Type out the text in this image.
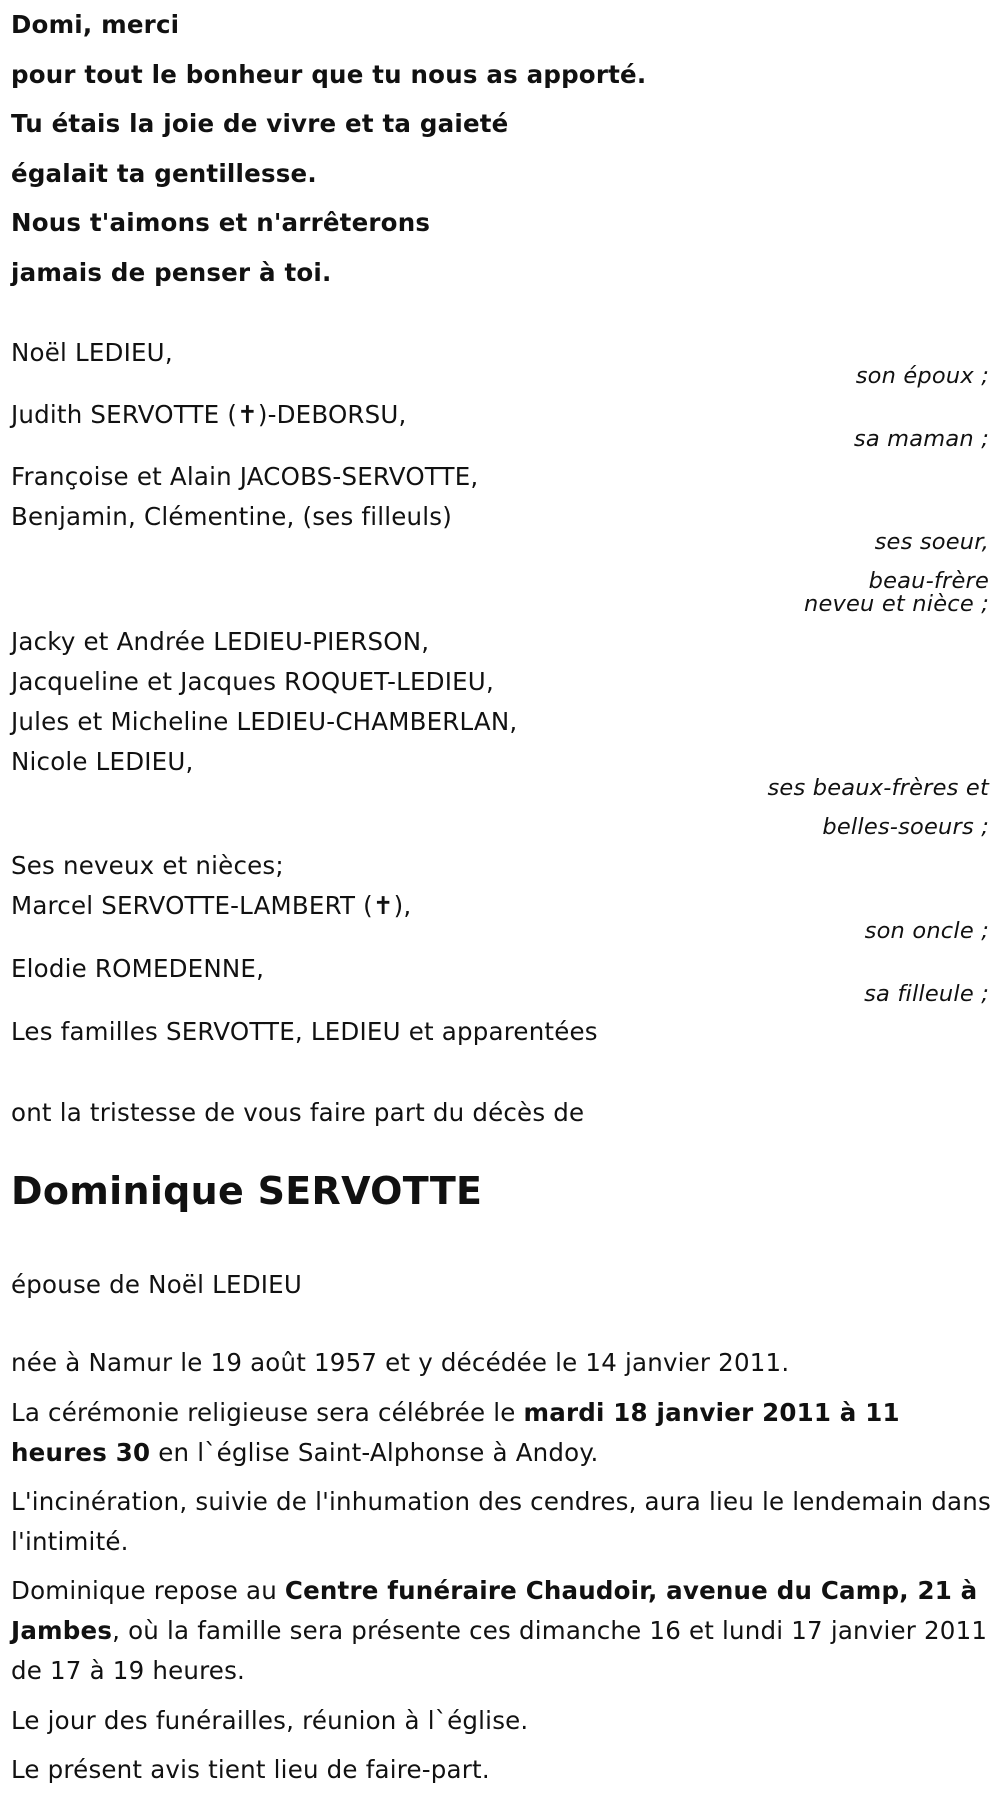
Domi, merci

pour tout le bonheur que tu nous as apporté.

Tu étais la joie de vivre et ta gaieté

égalait ta gentillesse.

Nous t'aimons et n'arrêterons

jamais de penser à toi.

Noël LEDIEU,

son époux ;

Judith SERVOTTE (✝)-DEBORSU,

sa maman ;

Françoise et Alain JACOBS-SERVOTTE,

Benjamin, Clémentine, (ses filleuls)

ses soeur,

beau-frère

neveu et nièce ;

Jacky et Andrée LEDIEU-PIERSON,

Jacqueline et Jacques ROQUET-LEDIEU,

Jules et Micheline LEDIEU-CHAMBERLAN,

Nicole LEDIEU,

ses beaux-frères et

belles-soeurs ;

Ses neveux et nièces;

Marcel SERVOTTE-LAMBERT (✝),

son oncle ;

Elodie ROMEDENNE,

sa filleule ;

Les familles SERVOTTE, LEDIEU et apparentées

ont la tristesse de vous faire part du décès de

Dominique SERVOTTE

épouse de Noël LEDIEU

née à Namur le 19 août 1957 et y décédée le 14 janvier 2011.

La cérémonie religieuse sera célébrée le mardi 18 janvier 2011 à 11 heures 30 en l`église Saint-Alphonse à Andoy.

L'incinération, suivie de l'inhumation des cendres, aura lieu le lendemain dans l'intimité.

Dominique repose au Centre funéraire Chaudoir, avenue du Camp, 21 à Jambes, où la famille sera présente ces dimanche 16 et lundi 17 janvier 2011 de 17 à 19 heures.

Le jour des funérailles, réunion à l`église.

Le présent avis tient lieu de faire-part.
